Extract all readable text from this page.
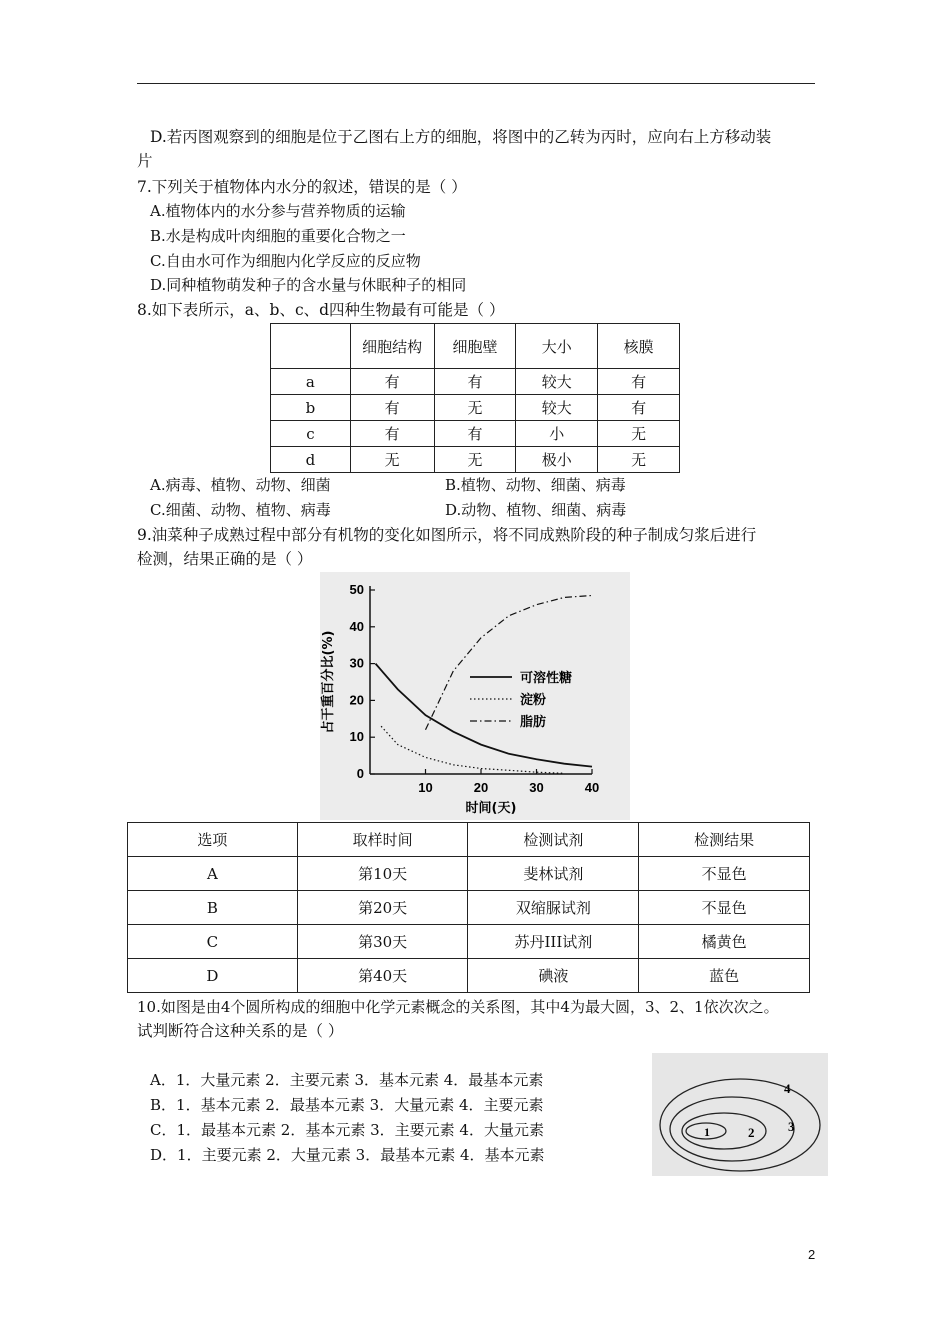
D.若丙图观察到的细胞是位于乙图右上方的细胞，将图中的乙转为丙时，应向右上方移动装
片
7.下列关于植物体内水分的叙述，错误的是（ ）
A.植物体内的水分参与营养物质的运输
B.水是构成叶肉细胞的重要化合物之一
C.自由水可作为细胞内化学反应的反应物
D.同种植物萌发种子的含水量与休眠种子的相同
8.如下表所示，a、b、c、d四种生物最有可能是（ ）
	细胞结构	细胞壁	大小	核膜
a	有	有	较大	有
b	有	无	较大	有
c	有	有	小	无
d	无	无	极小	无
A.病毒、植物、动物、细菌	B.植物、动物、细菌、病毒
C.细菌、动物、植物、病毒	D.动物、植物、细菌、病毒
9.油菜种子成熟过程中部分有机物的变化如图所示，将不同成熟阶段的种子制成匀浆后进行
检测，结果正确的是（ ）
0
10
20
30
40
50
10	20	30	40
时间(天)
占干重百分比(%)	可溶性糖
淀粉
脂肪
选项	取样时间	检测试剂	检测结果
A	第10天	斐林试剂	不显色
B	第20天	双缩脲试剂	不显色
C	第30天	苏丹III试剂	橘黄色
D	第40天	碘液	蓝色
10.如图是由4个圆所构成的细胞中化学元素概念的关系图，其中4为最大圆，3、2、1依次次之。
试判断符合这种关系的是（ ）
A．1．大量元素 2．主要元素 3．基本元素 4．最基本元素
B．1．基本元素 2．最基本元素 3．大量元素 4．主要元素
C．1．最基本元素 2．基本元素 3．主要元素 4．大量元素
D．1．主要元素 2．大量元素 3．最基本元素 4．基本元素
1	2	3
4
2
